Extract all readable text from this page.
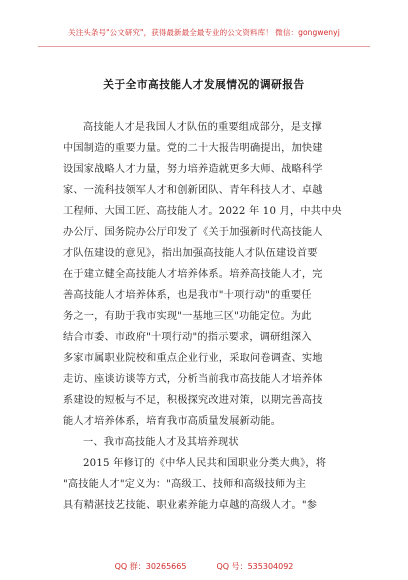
关注头条号"公文研究"，获得最新最全最专业的公文资料库！ 微信：gongwenyj
关于全市高技能人才发展情况的调研报告
高技能人才是我国人才队伍的重要组成部分，是支撑
中国制造的重要力量。党的二十大报告明确提出，加快建
设国家战略人才力量，努力培养造就更多大师、战略科学
家、一流科技领军人才和创新团队、青年科技人才、卓越
工程师、大国工匠、高技能人才。2022 年 10 月，中共中央
办公厅、国务院办公厅印发了《关于加强新时代高技能人
才队伍建设的意见》，指出加强高技能人才队伍建设首要
在于建立健全高技能人才培养体系。培养高技能人才，完
善高技能人才培养体系，也是我市"十项行动"的重要任
务之一，有助于我市实现"一基地三区"功能定位。为此
结合市委、市政府"十项行动"的指示要求，调研组深入
多家市属职业院校和重点企业行业，采取问卷调查、实地
走访、座谈访谈等方式，分析当前我市高技能人才培养体
系建设的短板与不足，积极探究改进对策，以期完善高技
能人才培养体系，培育我市高质量发展新动能。
一、我市高技能人才及其培养现状
2015 年修订的《中华人民共和国职业分类大典》，将
"高技能人才"定义为："高级工、技师和高级技师为主
具有精湛技艺技能、职业素养能力卓越的高级人才。"参
QQ 群：30265665	QQ 号：535304092
